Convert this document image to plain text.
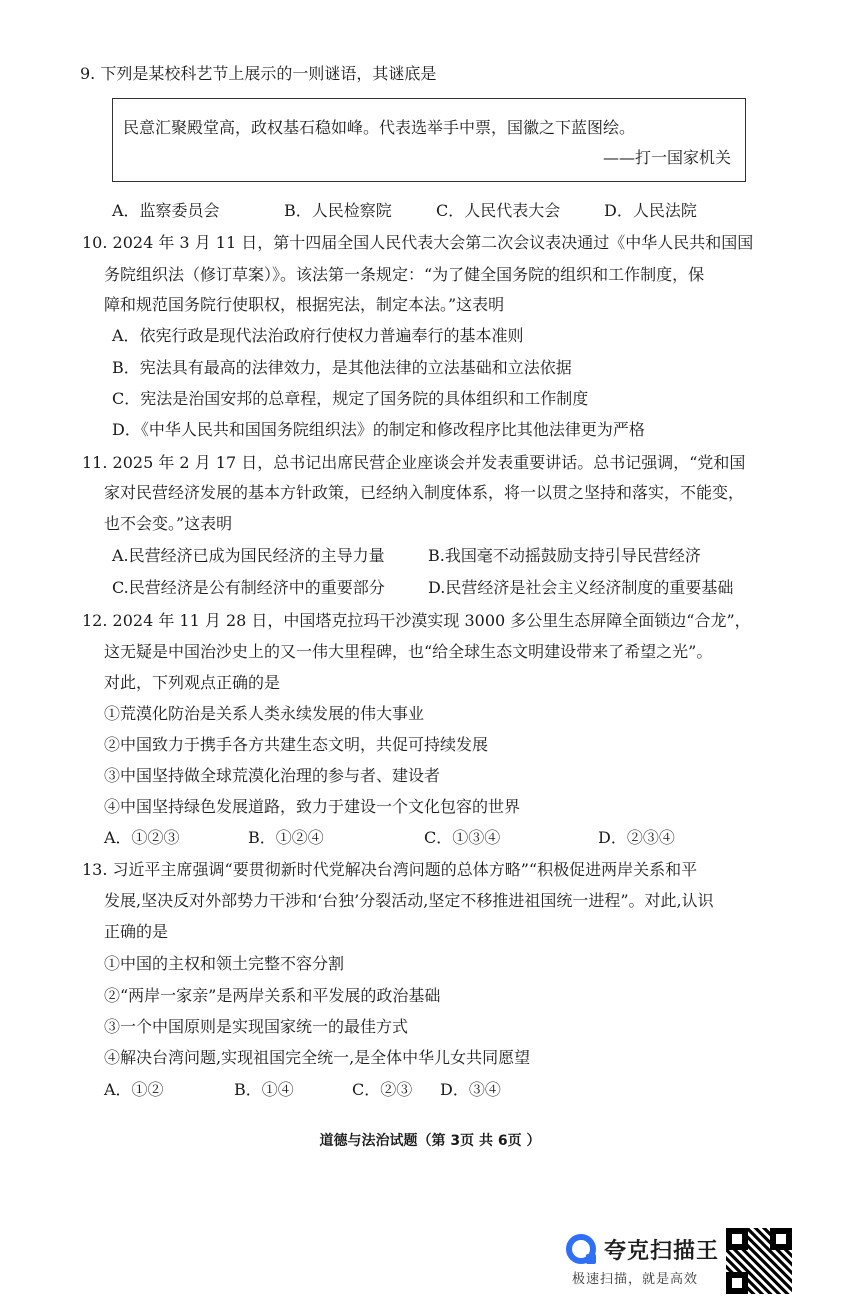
9. 下列是某校科艺节上展示的一则谜语，其谜底是
民意汇聚殿堂高，政权基石稳如峰。代表选举手中票，国徽之下蓝图绘。
——打一国家机关
A．监察委员会	B．人民检察院	C．人民代表大会	D．人民法院
10. 2024 年 3 月 11 日，第十四届全国人民代表大会第二次会议表决通过《中华人民共和国国
务院组织法（修订草案）》。该法第一条规定：“为了健全国务院的组织和工作制度，保
障和规范国务院行使职权，根据宪法，制定本法。”这表明
A．依宪行政是现代法治政府行使权力普遍奉行的基本准则
B．宪法具有最高的法律效力，是其他法律的立法基础和立法依据
C．宪法是治国安邦的总章程，规定了国务院的具体组织和工作制度
D．《中华人民共和国国务院组织法》的制定和修改程序比其他法律更为严格
11. 2025 年 2 月 17 日，总书记出席民营企业座谈会并发表重要讲话。总书记强调，“党和国
家对民营经济发展的基本方针政策，已经纳入制度体系，将一以贯之坚持和落实，不能变，
也不会变。”这表明
A.民营经济已成为国民经济的主导力量	B.我国毫不动摇鼓励支持引导民营经济
C.民营经济是公有制经济中的重要部分	D.民营经济是社会主义经济制度的重要基础
12. 2024 年 11 月 28 日，中国塔克拉玛干沙漠实现 3000 多公里生态屏障全面锁边“合龙”，
这无疑是中国治沙史上的又一伟大里程碑，也“给全球生态文明建设带来了希望之光”。
对此，下列观点正确的是
①荒漠化防治是关系人类永续发展的伟大事业
②中国致力于携手各方共建生态文明，共促可持续发展
③中国坚持做全球荒漠化治理的参与者、建设者
④中国坚持绿色发展道路，致力于建设一个文化包容的世界
A．①②③	B．①②④	C．①③④	D．②③④
13. 习近平主席强调“要贯彻新时代党解决台湾问题的总体方略”“积极促进两岸关系和平
发展,坚决反对外部势力干涉和‘台独’分裂活动,坚定不移推进祖国统一进程”。对此,认识
正确的是
①中国的主权和领土完整不容分割
②“两岸一家亲”是两岸关系和平发展的政治基础
③一个中国原则是实现国家统一的最佳方式
④解决台湾问题,实现祖国完全统一,是全体中华儿女共同愿望
A．①②	B．①④	C．②③ D．③④
道德与法治试题（第 3页 共 6页 ）
夸克扫描王
极速扫描，就是高效
